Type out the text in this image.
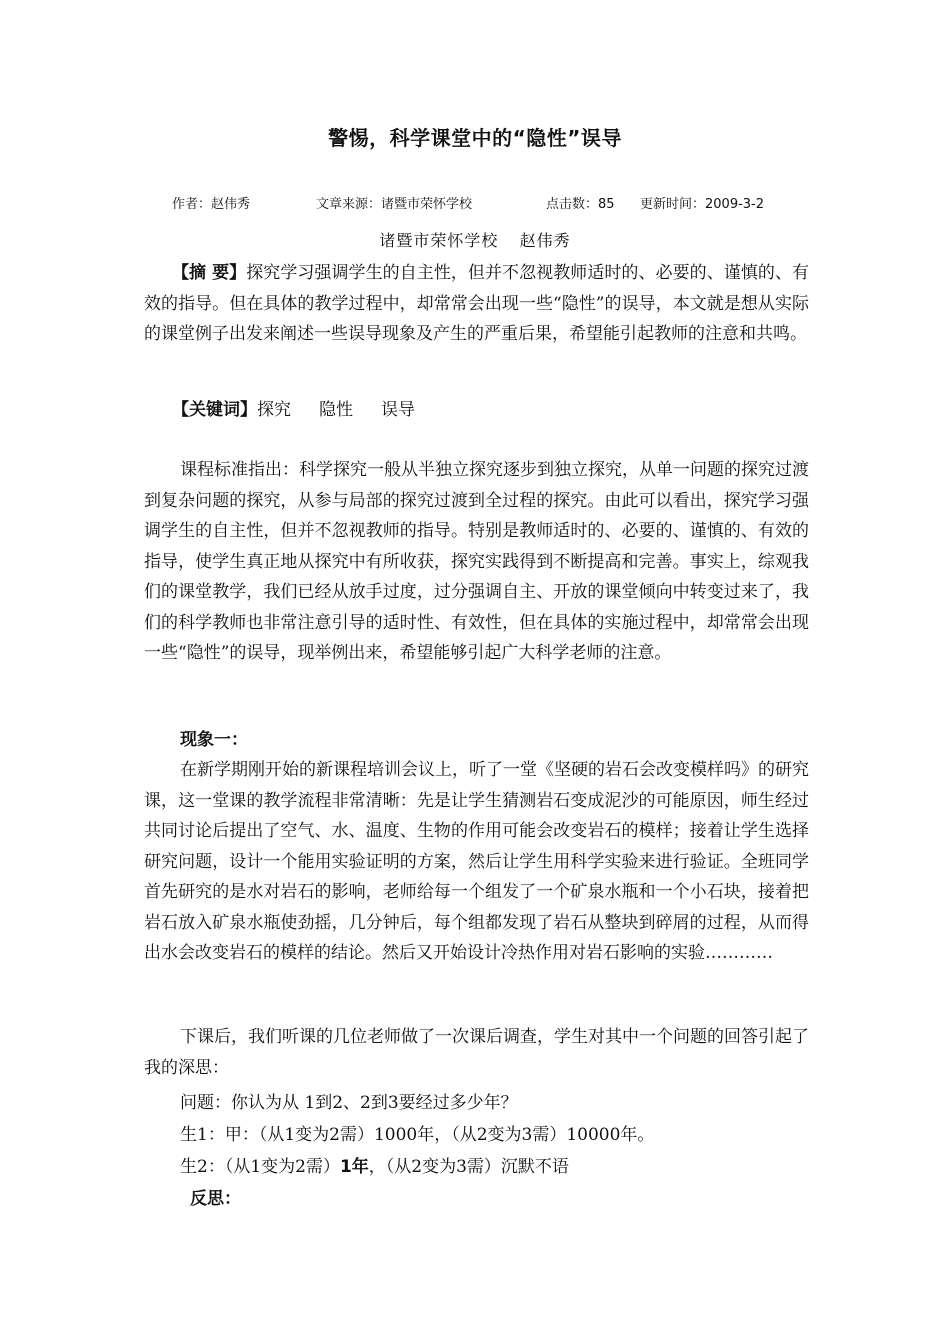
警惕，科学课堂中的“隐性”误导
作者：赵伟秀	文章来源：诸暨市荣怀学校	点击数：85 更新时间：2009-3-2
诸暨市荣怀学校  赵伟秀
【摘 要】探究学习强调学生的自主性，但并不忽视教师适时的、必要的、谨慎的、有效的指导。但在具体的教学过程中，却常常会出现一些“隐性”的误导，本文就是想从实际的课堂例子出发来阐述一些误导现象及产生的严重后果，希望能引起教师的注意和共鸣。
【关键词】探究 隐性 误导
课程标准指出：科学探究一般从半独立探究逐步到独立探究，从单一问题的探究过渡到复杂问题的探究，从参与局部的探究过渡到全过程的探究。由此可以看出，探究学习强调学生的自主性，但并不忽视教师的指导。特别是教师适时的、必要的、谨慎的、有效的指导，使学生真正地从探究中有所收获，探究实践得到不断提高和完善。事实上，综观我们的课堂教学，我们已经从放手过度，过分强调自主、开放的课堂倾向中转变过来了，我们的科学教师也非常注意引导的适时性、有效性，但在具体的实施过程中，却常常会出现一些“隐性”的误导，现举例出来，希望能够引起广大科学老师的注意。
现象一：
在新学期刚开始的新课程培训会议上，听了一堂《坚硬的岩石会改变模样吗》的研究课，这一堂课的教学流程非常清晰：先是让学生猜测岩石变成泥沙的可能原因，师生经过共同讨论后提出了空气、水、温度、生物的作用可能会改变岩石的模样；接着让学生选择研究问题，设计一个能用实验证明的方案，然后让学生用科学实验来进行验证。全班同学首先研究的是水对岩石的影响，老师给每一个组发了一个矿泉水瓶和一个小石块，接着把岩石放入矿泉水瓶使劲摇，几分钟后，每个组都发现了岩石从整块到碎屑的过程，从而得出水会改变岩石的模样的结论。然后又开始设计冷热作用对岩石影响的实验…………
下课后，我们听课的几位老师做了一次课后调查，学生对其中一个问题的回答引起了我的深思：
问题：你认为从 1到2、2到3要经过多少年？
生1：甲：（从1变为2需）1000年，（从2变为3需）10000年。
生2：（从1变为2需）1年，（从2变为3需）沉默不语
反思：
